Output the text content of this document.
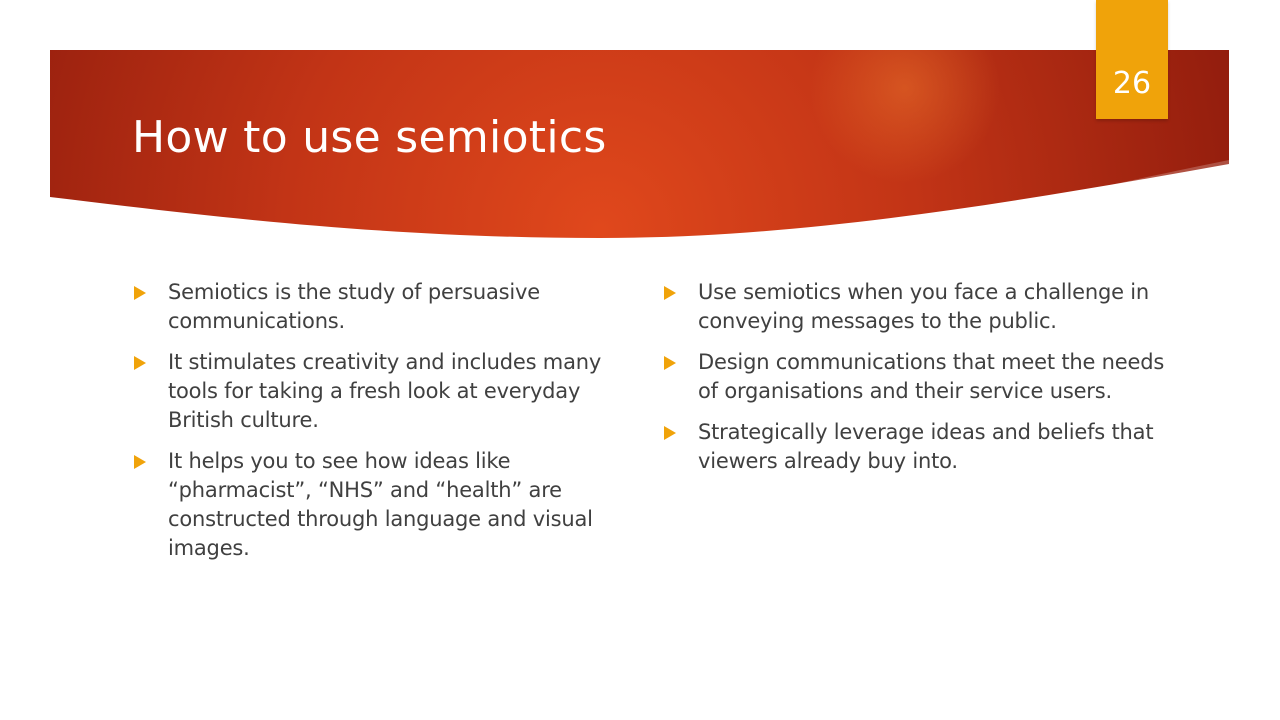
How to use semiotics
26
Semiotics is the study of persuasive communications.
It stimulates creativity and includes many tools for taking a fresh look at everyday British culture.
It helps you to see how ideas like “pharmacist”, “NHS” and “health” are constructed through language and visual images.
Use semiotics when you face a challenge in conveying messages to the public.
Design communications that meet the needs of organisations and their service users.
Strategically leverage ideas and beliefs that viewers already buy into.
